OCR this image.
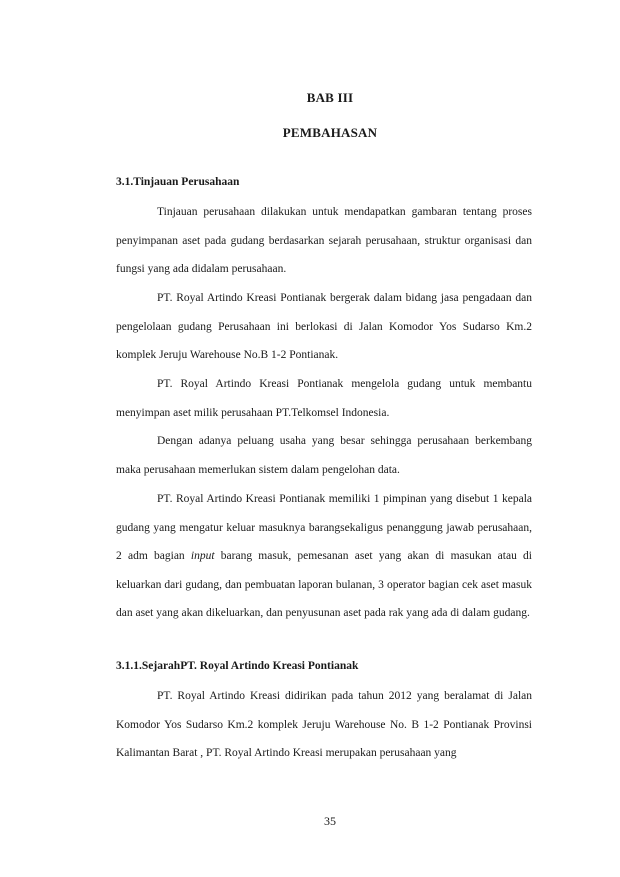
BAB III
PEMBAHASAN
3.1.Tinjauan Perusahaan

Tinjauan perusahaan dilakukan untuk mendapatkan gambaran tentang proses penyimpanan aset pada gudang berdasarkan sejarah perusahaan, struktur organisasi dan fungsi yang ada didalam perusahaan.

PT. Royal Artindo Kreasi Pontianak bergerak dalam bidang jasa pengadaan dan pengelolaan gudang Perusahaan ini berlokasi di Jalan Komodor Yos Sudarso Km.2 komplek Jeruju Warehouse No.B 1-2 Pontianak.

PT. Royal Artindo Kreasi Pontianak mengelola gudang untuk membantu menyimpan aset milik perusahaan PT.Telkomsel Indonesia.

Dengan adanya peluang usaha yang besar sehingga perusahaan berkembang maka perusahaan memerlukan sistem dalam pengelohan data.

PT. Royal Artindo Kreasi Pontianak memiliki 1 pimpinan yang disebut 1 kepala gudang yang mengatur keluar masuknya barangsekaligus penanggung jawab perusahaan, 2 adm bagian input barang masuk, pemesanan aset yang akan di masukan atau di keluarkan dari gudang, dan pembuatan laporan bulanan, 3 operator bagian cek aset masuk dan aset yang akan dikeluarkan, dan penyusunan aset pada rak yang ada di dalam gudang.

3.1.1.SejarahPT. Royal Artindo Kreasi Pontianak

PT. Royal Artindo Kreasi didirikan pada tahun 2012 yang beralamat di Jalan Komodor Yos Sudarso Km.2 komplek Jeruju Warehouse No. B 1-2 Pontianak Provinsi Kalimantan Barat , PT. Royal Artindo Kreasi merupakan perusahaan yang

35
